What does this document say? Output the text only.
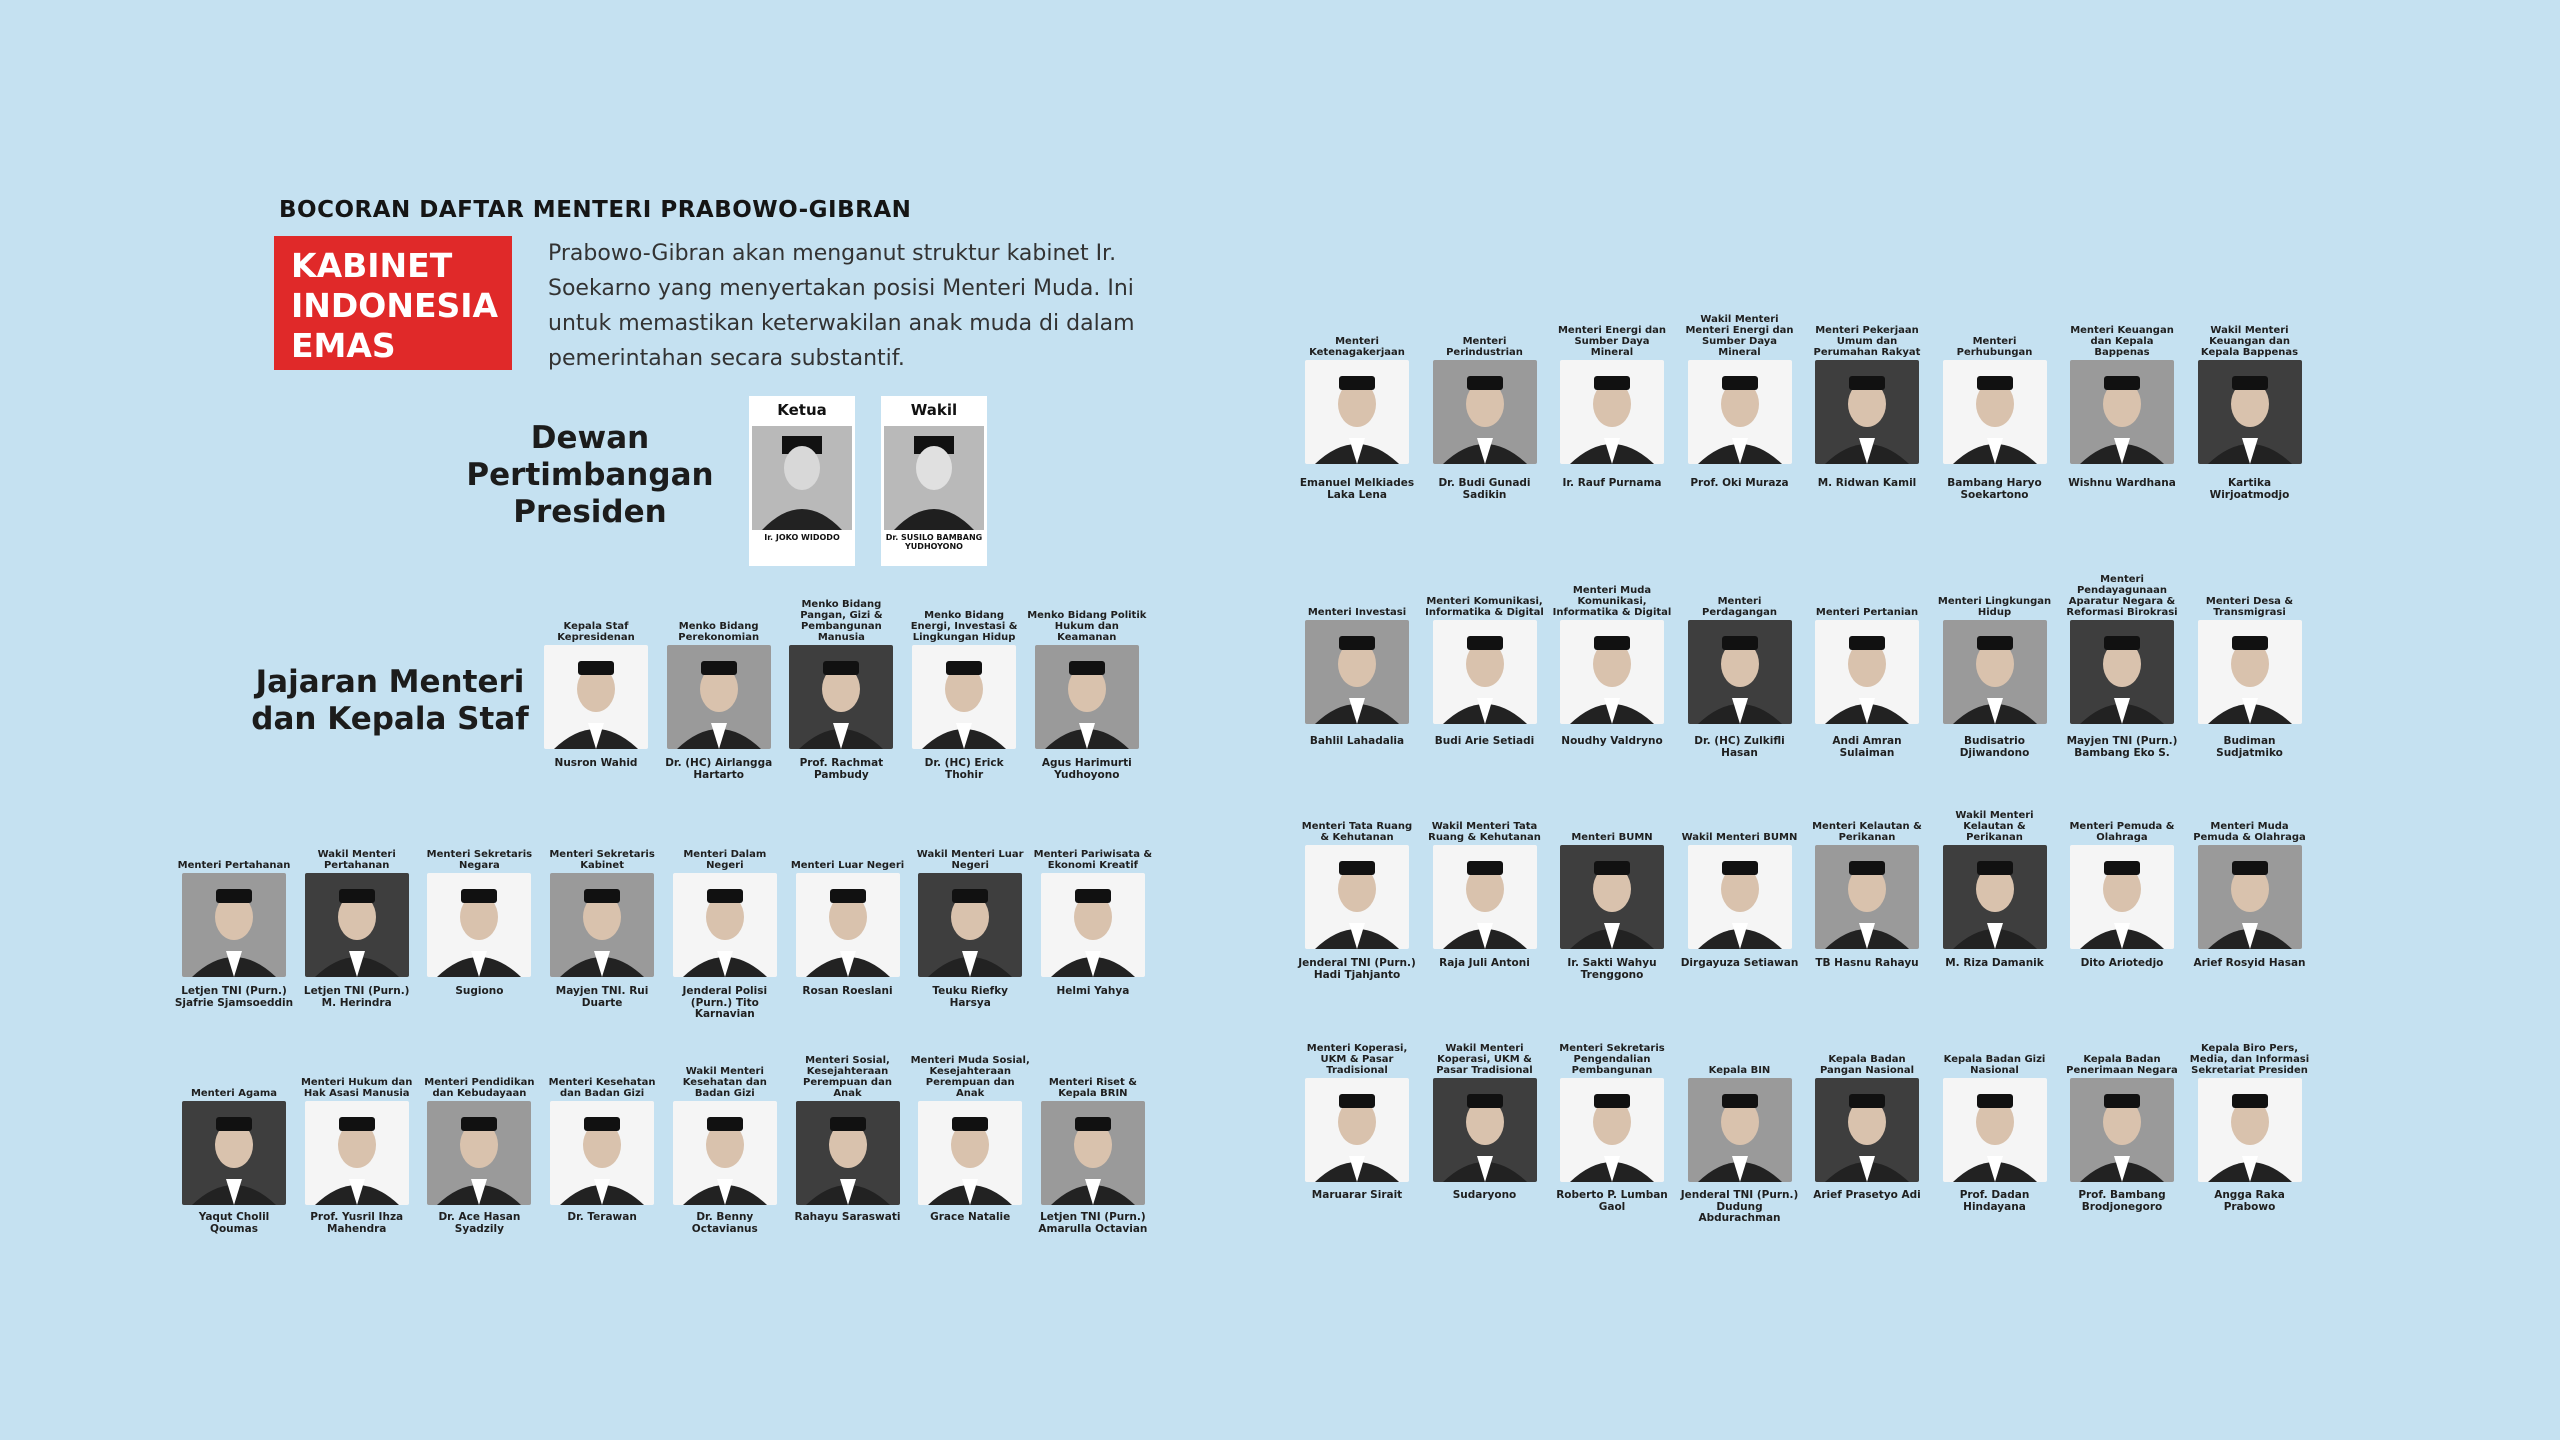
BOCORAN DAFTAR MENTERI PRABOWO-GIBRAN
KABINET
INDONESIA
EMAS
Prabowo-Gibran akan menganut struktur kabinet Ir. Soekarno yang menyertakan posisi Menteri Muda. Ini untuk memastikan keterwakilan anak muda di dalam pemerintahan secara substantif.
Dewan
Pertimbangan
Presiden
Ketua
Ir. JOKO WIDODO
Wakil
Dr. SUSILO BAMBANG YUDHOYONO
Jajaran Menteri
dan Kepala Staf
Kepala Staf Kepresidenan
Nusron Wahid
Menko Bidang Perekonomian
Dr. (HC) Airlangga Hartarto
Menko Bidang Pangan, Gizi & Pembangunan Manusia
Prof. Rachmat Pambudy
Menko Bidang Energi, Investasi & Lingkungan Hidup
Dr. (HC) Erick Thohir
Menko Bidang Politik Hukum dan Keamanan
Agus Harimurti Yudhoyono
Menteri Pertahanan
Letjen TNI (Purn.) Sjafrie Sjamsoeddin
Wakil Menteri Pertahanan
Letjen TNI (Purn.) M. Herindra
Menteri Sekretaris Negara
Sugiono
Menteri Sekretaris Kabinet
Mayjen TNI. Rui Duarte
Menteri Dalam Negeri
Jenderal Polisi (Purn.) Tito Karnavian
Menteri Luar Negeri
Rosan Roeslani
Wakil Menteri Luar Negeri
Teuku Riefky Harsya
Menteri Pariwisata & Ekonomi Kreatif
Helmi Yahya
Menteri Agama
Yaqut Cholil Qoumas
Menteri Hukum dan Hak Asasi Manusia
Prof. Yusril Ihza Mahendra
Menteri Pendidikan dan Kebudayaan
Dr. Ace Hasan Syadzily
Menteri Kesehatan dan Badan Gizi
Dr. Terawan
Wakil Menteri Kesehatan dan Badan Gizi
Dr. Benny Octavianus
Menteri Sosial, Kesejahteraan Perempuan dan Anak
Rahayu Saraswati
Menteri Muda Sosial, Kesejahteraan Perempuan dan Anak
Grace Natalie
Menteri Riset & Kepala BRIN
Letjen TNI (Purn.) Amarulla Octavian
Menteri Ketenagakerjaan
Emanuel Melkiades Laka Lena
Menteri Perindustrian
Dr. Budi Gunadi Sadikin
Menteri Energi dan Sumber Daya Mineral
Ir. Rauf Purnama
Wakil Menteri Menteri Energi dan Sumber Daya Mineral
Prof. Oki Muraza
Menteri Pekerjaan Umum dan Perumahan Rakyat
M. Ridwan Kamil
Menteri Perhubungan
Bambang Haryo Soekartono
Menteri Keuangan dan Kepala Bappenas
Wishnu Wardhana
Wakil Menteri Keuangan dan Kepala Bappenas
Kartika Wirjoatmodjo
Menteri Investasi
Bahlil Lahadalia
Menteri Komunikasi, Informatika & Digital
Budi Arie Setiadi
Menteri Muda Komunikasi, Informatika & Digital
Noudhy Valdryno
Menteri Perdagangan
Dr. (HC) Zulkifli Hasan
Menteri Pertanian
Andi Amran Sulaiman
Menteri Lingkungan Hidup
Budisatrio Djiwandono
Menteri Pendayagunaan Aparatur Negara & Reformasi Birokrasi
Mayjen TNI (Purn.) Bambang Eko S.
Menteri Desa & Transmigrasi
Budiman Sudjatmiko
Menteri Tata Ruang & Kehutanan
Jenderal TNI (Purn.) Hadi Tjahjanto
Wakil Menteri Tata Ruang & Kehutanan
Raja Juli Antoni
Menteri BUMN
Ir. Sakti Wahyu Trenggono
Wakil Menteri BUMN
Dirgayuza Setiawan
Menteri Kelautan & Perikanan
TB Hasnu Rahayu
Wakil Menteri Kelautan & Perikanan
M. Riza Damanik
Menteri Pemuda & Olahraga
Dito Ariotedjo
Menteri Muda Pemuda & Olahraga
Arief Rosyid Hasan
Menteri Koperasi, UKM & Pasar Tradisional
Maruarar Sirait
Wakil Menteri Koperasi, UKM & Pasar Tradisional
Sudaryono
Menteri Sekretaris Pengendalian Pembangunan
Roberto P. Lumban Gaol
Kepala BIN
Jenderal TNI (Purn.) Dudung Abdurachman
Kepala Badan Pangan Nasional
Arief Prasetyo Adi
Kepala Badan Gizi Nasional
Prof. Dadan Hindayana
Kepala Badan Penerimaan Negara
Prof. Bambang Brodjonegoro
Kepala Biro Pers, Media, dan Informasi Sekretariat Presiden
Angga Raka Prabowo
